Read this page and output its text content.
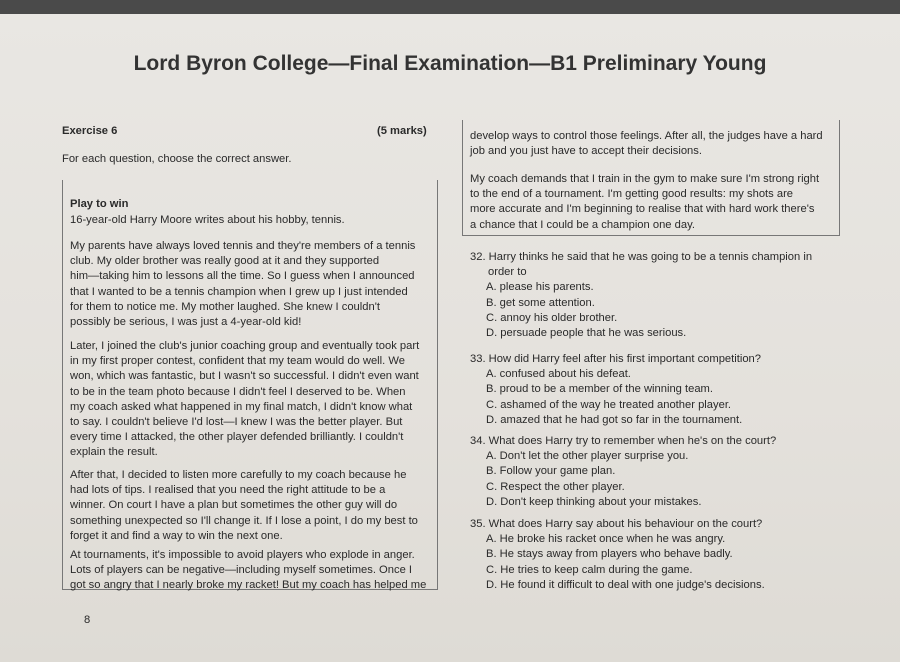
Lord Byron College—Final Examination—B1 Preliminary Young
Exercise 6	(5 marks)
For each question, choose the correct answer.
Play to win
16-year-old Harry Moore writes about his hobby, tennis.
My parents have always loved tennis and they're members of a tennis
club. My older brother was really good at it and they supported
him—taking him to lessons all the time. So I guess when I announced
that I wanted to be a tennis champion when I grew up I just intended
for them to notice me. My mother laughed. She knew I couldn't
possibly be serious, I was just a 4-year-old kid!
Later, I joined the club's junior coaching group and eventually took part
in my first proper contest, confident that my team would do well. We
won, which was fantastic, but I wasn't so successful. I didn't even want
to be in the team photo because I didn't feel I deserved to be. When
my coach asked what happened in my final match, I didn't know what
to say. I couldn't believe I'd lost—I knew I was the better player. But
every time I attacked, the other player defended brilliantly. I couldn't
explain the result.
After that, I decided to listen more carefully to my coach because he
had lots of tips. I realised that you need the right attitude to be a
winner. On court I have a plan but sometimes the other guy will do
something unexpected so I'll change it. If I lose a point, I do my best to
forget it and find a way to win the next one.
At tournaments, it's impossible to avoid players who explode in anger.
Lots of players can be negative—including myself sometimes. Once I
got so angry that I nearly broke my racket! But my coach has helped me
develop ways to control those feelings. After all, the judges have a hard
job and you just have to accept their decisions.
My coach demands that I train in the gym to make sure I'm strong right
to the end of a tournament. I'm getting good results: my shots are
more accurate and I'm beginning to realise that with hard work there's
a chance that I could be a champion one day.
32. Harry thinks he said that he was going to be a tennis champion in
order to
A. please his parents.
B. get some attention.
C. annoy his older brother.
D. persuade people that he was serious.
33. How did Harry feel after his first important competition?
A. confused about his defeat.
B. proud to be a member of the winning team.
C. ashamed of the way he treated another player.
D. amazed that he had got so far in the tournament.
34. What does Harry try to remember when he's on the court?
A. Don't let the other player surprise you.
B. Follow your game plan.
C. Respect the other player.
D. Don't keep thinking about your mistakes.
35. What does Harry say about his behaviour on the court?
A. He broke his racket once when he was angry.
B. He stays away from players who behave badly.
C. He tries to keep calm during the game.
D. He found it difficult to deal with one judge's decisions.
8
